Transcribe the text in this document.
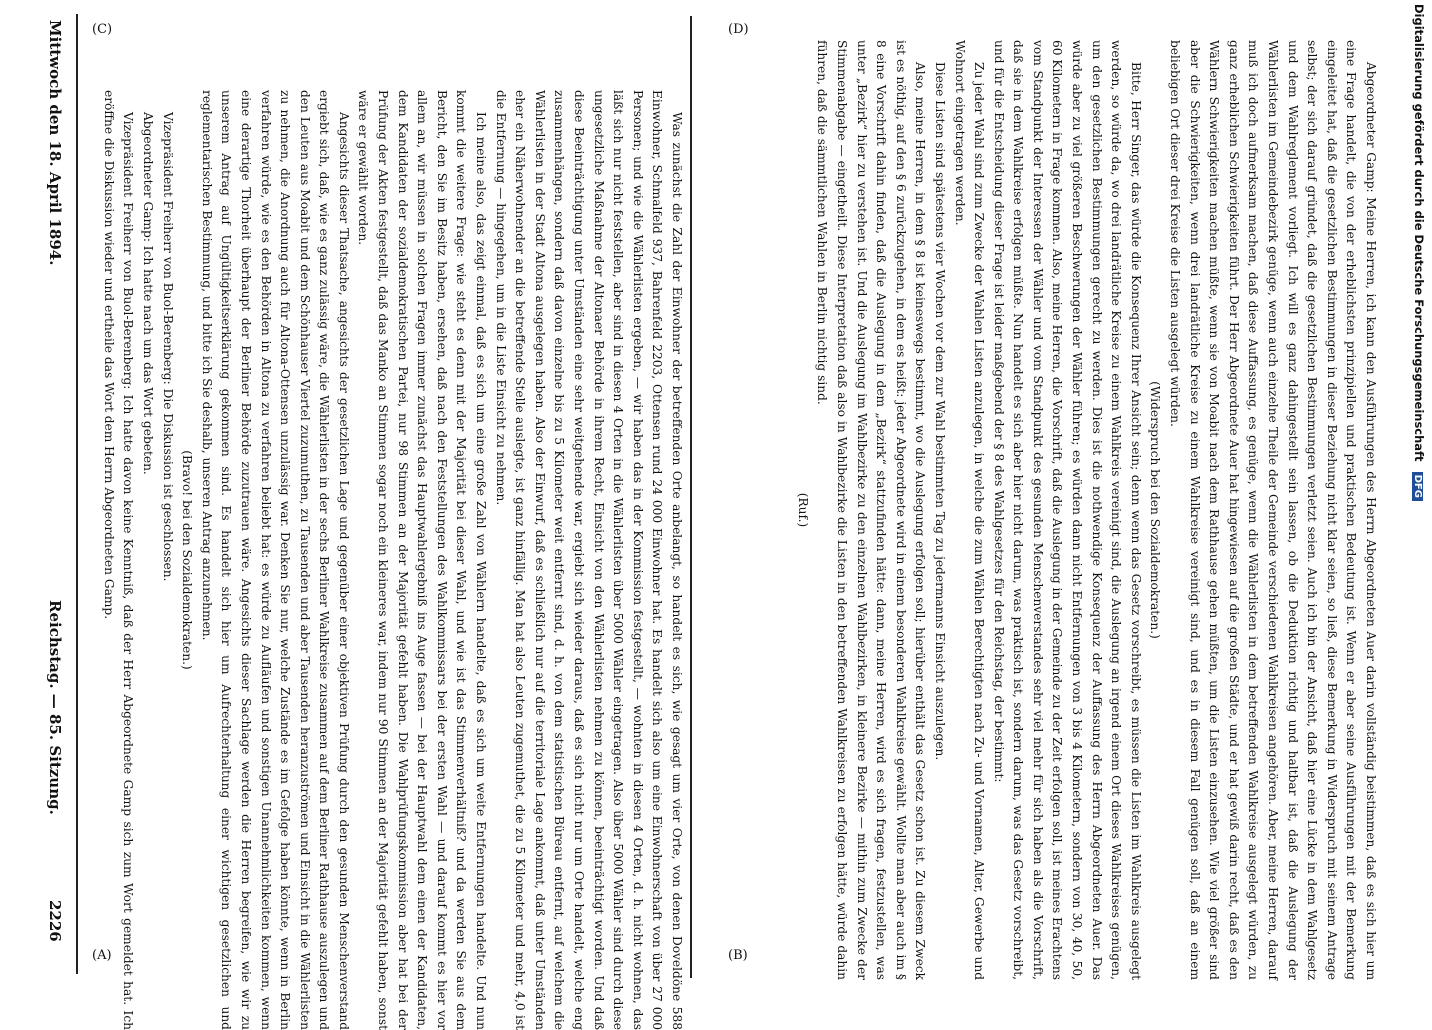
2226
Reichstag. — 85. Sitzung.
Mittwoch den 18. April 1894.
(A)	(B)
(C)	(D)

Was zunächst die Zahl der Einwohner der betreffenden Orte anbelangt, so handelt es sich, wie gesagt um vier Orte, von denen Doveldöne 588 Einwohner, Schmalfeld 937, Bahrenfeld 2203, Ottensen rund 24 000 Einwohner hat. Es handelt sich also um eine Einwohnerschaft von über 27 000 Personen; und wie die Wählerlisten ergeben, — wir haben das in der Kommission festgestellt, — wohnten in diesen 4 Orten, d. h. nicht wohnen, das läßt sich nur nicht feststellen, aber sind in diesen 4 Orten in die Wählerlisten über 5000 Wähler eingetragen. Also über 5000 Wähler sind durch diese ungesetzliche Maßnahme der Altonaer Behörde in ihrem Recht, Einsicht von den Wählerlisten nehmen zu können, beeinträchtigt worden. Und daß diese Beeinträchtigung unter Umständen eine sehr weitgehende war, ergiebt sich wieder daraus, daß es sich nicht nur um Orte handelt, welche eng zusammenhängen, sondern daß davon einzelne bis zu 5 Kilometer weit entfernt sind, d. h. von dem statistischen Büreau entfernt, auf welchem die Wählerlisten in der Stadt Altona ausgelegen haben. Also der Einwurf, daß es schließlich nur auf die territoriale Lage ankommt, daß unter Umständen eher ein Näherwohnender an die betreffende Stelle auslegte, ist ganz hinfällig. Man hat also Leuten zugemuthet, die zu 5 Kilometer und mehr, 4,0 ist die Entfernung — hingegehen, um in die Liste Einsicht zu nehmen.

Ich meine also, das zeigt einmal, daß es sich um eine große Zahl von Wählern handelte, daß es sich um weite Entfernungen handelte. Und nun kommt die weitere Frage: wie steht es denn mit der Majorität bei dieser Wahl, und wie ist das Stimmenverhältniß? und da werden Sie aus dem Bericht, den Sie im Besitz haben, ersehen, daß nach den Feststellungen des Wahlkommissars bei der ersten Wahl — und darauf kommt es hier vor allem an, wir müssen in solchen Fragen immer zunächst das Hauptwahlergebniß ins Auge fassen — bei der Hauptwahl dem einen der Kandidaten, dem Kandidaten der sozialdemokratischen Partei, nur 98 Stimmen an der Majorität gefehlt haben. Die Wahlprüfungskommission aber hat bei der Prüfung der Akten festgestellt, daß das Manko an Stimmen sogar noch ein kleineres war, indem nur 90 Stimmen an der Majorität gefehlt haben, sonst wäre er gewählt worden.

Angesichts dieser Thatsache, angesichts der gesetzlichen Lage und gegenüber einer objektiven Prüfung durch den gesunden Menschenverstand ergiebt sich, daß, wie es ganz zulässig wäre, die Wählerlisten in der sechs Berliner Wahlkreise zusammen auf dem Berliner Rathhause auszulegen und den Leuten aus Moabit und dem Schönhauser Viertel zuzumuthen, zu Tausenden und aber Tausenden heranzuströmen und Einsicht in die Wählerlisten zu nehmen, die Anordnung auch für Altona-Ottensen unzulässig war. Denken Sie nur, welche Zustände es im Gefolge haben könnte, wenn in Berlin verfahren würde, wie es den Behörden in Altona zu verfahren beliebt hat: es würde zu Aufläufen und sonstigen Unannehmlichkeiten kommen, wenn eine derartige Thorheit überhaupt der Berliner Behörde zuzutrauen wäre. Angesichts dieser Sachlage werden die Herren begreifen, wie wir zu unserem Antrag auf Ungültigkeitserklärung gekommen sind. Es handelt sich hier um Aufrechterhaltung einer wichtigen gesetzlichen und reglementarischen Bestimmung, und bitte ich Sie deshalb, unseren Antrag anzunehmen.

(Bravo! bei den Sozialdemokraten.)

Vizepräsident Freiherr von Buol-Berenberg: Die Diskussion ist geschlossen.

Abgeordneter Gamp: Ich hatte nach um das Wort gebeten.

Vizepräsident Freiherr von Buol-Berenberg: Ich hatte davon keine Kenntniß, daß der Herr Abgeordnete Gamp sich zum Wort gemeldet hat. Ich eröffne die Diskussion wieder und ertheile das Wort dem Herrn Abgeordneten Gamp.	Abgeordneter Gamp: Meine Herren, ich kann den Ausführungen des Herrn Abgeordneten Auer darin vollständig beistimmen, daß es sich hier um eine Frage handelt, die von der erheblichsten prinzipiellen und praktischen Bedeutung ist. Wenn er aber seine Ausführungen mit der Bemerkung eingeleitet hat, daß die gesetzlichen Bestimmungen in dieser Beziehung nicht klar seien, so ließ, diese Bemerkung in Widerspruch mit seinem Antrage selbst; der sich darauf gründet, daß die gesetzlichen Bestimmungen verletzt seien. Auch ich bin der Ansicht, daß hier eine Lücke in dem Wahlgesetz und dem Wahlreglement vorliegt. Ich will es ganz dahingestellt sein lassen, ob die Deduktion richtig und haltbar ist, daß die Auslegung der Wählerlisten im Gemeindebezirk genüge, wenn auch einzelne Theile der Gemeinde verschiedenen Wahlkreisen angehören. Aber, meine Herren, darauf muß ich doch aufmerksam machen, daß diese Auffassung, es genüge, wenn die Wählerlisten in dem betreffenden Wahlkreise ausgelegt würden, zu ganz erheblichen Schwierigkeiten führt. Der Herr Abgeordnete Auer hat hingewiesen auf die großen Städte, und er hat gewiß darin recht, daß es den Wählern Schwierigkeiten machen müßte, wenn sie von Moabit nach dem Rathhause gehen müßten, um die Listen einzusehen. Wie viel größer sind aber die Schwierigkeiten, wenn drei landrätliche Kreise zu einem Wahlkreise vereinigt sind, und es in diesem Fall genügen soll, daß an einem beliebigen Ort dieser drei Kreise die Listen ausgelegt würden.

(Widerspruch bei den Sozialdemokraten.)

Bitte, Herr Singer, das würde die Konsequenz Ihrer Ansicht sein; denn wenn das Gesetz vorschreibt, es müssen die Listen im Wahlkreis ausgelegt werden, so würde da, wo drei landrätliche Kreise zu einem Wahlkreis vereinigt sind, die Auslegung an irgend einem Ort dieses Wahlkreises genügen, um den gesetzlichen Bestimmungen gerecht zu werden. Dies ist die nothwendige Konsequenz der Auffassung des Herrn Abgeordneten Auer. Das würde aber zu viel größeren Beschwerungen der Wähler führen; es würden dann nicht Entfernungen von 3 bis 4 Kilometern, sondern von 30, 40, 50, 60 Kilometern in Frage kommen. Also, meine Herren, die Vorschrift, daß die Auslegung in der Gemeinde zu der Zeit erfolgen soll, ist meines Erachtens vom Standpunkt der Interessen der Wähler und vom Standpunkt des gesunden Menschenverstandes sehr viel mehr für sich haben als die Vorschrift, daß sie in dem Wahlkreise erfolgen müßte. Nun handelt es sich aber hier nicht darum, was praktisch ist, sondern darum, was das Gesetz vorschreibt, und für die Entscheidung dieser Frage ist leider maßgebend der § 8 des Wahlgesetzes für den Reichstag, der bestimmt:

Zu jeder Wahl sind zum Zwecke der Wahlen Listen anzulegen, in welche die zum Wählen Berechtigten nach Zu- und Vornamen, Alter, Gewerbe und Wohnort eingetragen werden.

Diese Listen sind spätestens vier Wochen vor dem zur Wahl bestimmten Tag zu jedermanns Einsicht auszulegen.

Also, meine Herren, in dem § 8 ist keineswegs bestimmt, wo die Auslegung erfolgen soll; hierüber enthält das Gesetz schon ist. Zu diesem Zweck ist es nöthig, auf den § 6 zurückzugehen, in dem es heißt: jeder Abgeordnete wird in einem besonderen Wahlkreise gewählt. Wollte man aber auch im § 8 eine Vorschrift dahin finden, daß die Auslegung in dem „Bezirk“ stattzufinden hätte: dann, meine Herren, wird es sich fragen, festzustellen, was unter „Bezirk“ hier zu verstehen ist. Und die Auslegung im Wahlbezirke zu den einzelnen Wahlbezirken, in kleinere Bezirke — mithin zum Zwecke der Stimmenabgabe — eingetheilt. Diese Interpretation daß also in Wahlbezirke die Listen in den betreffenden Wahlkreisen zu erfolgen hätte, würde dahin führen, daß die sämmtlichen Wahlen in Berlin nichtig sind.

(Ruf.)

Digitalisierung gefördert durch die Deutsche Forschungsgemeinschaft DFG
